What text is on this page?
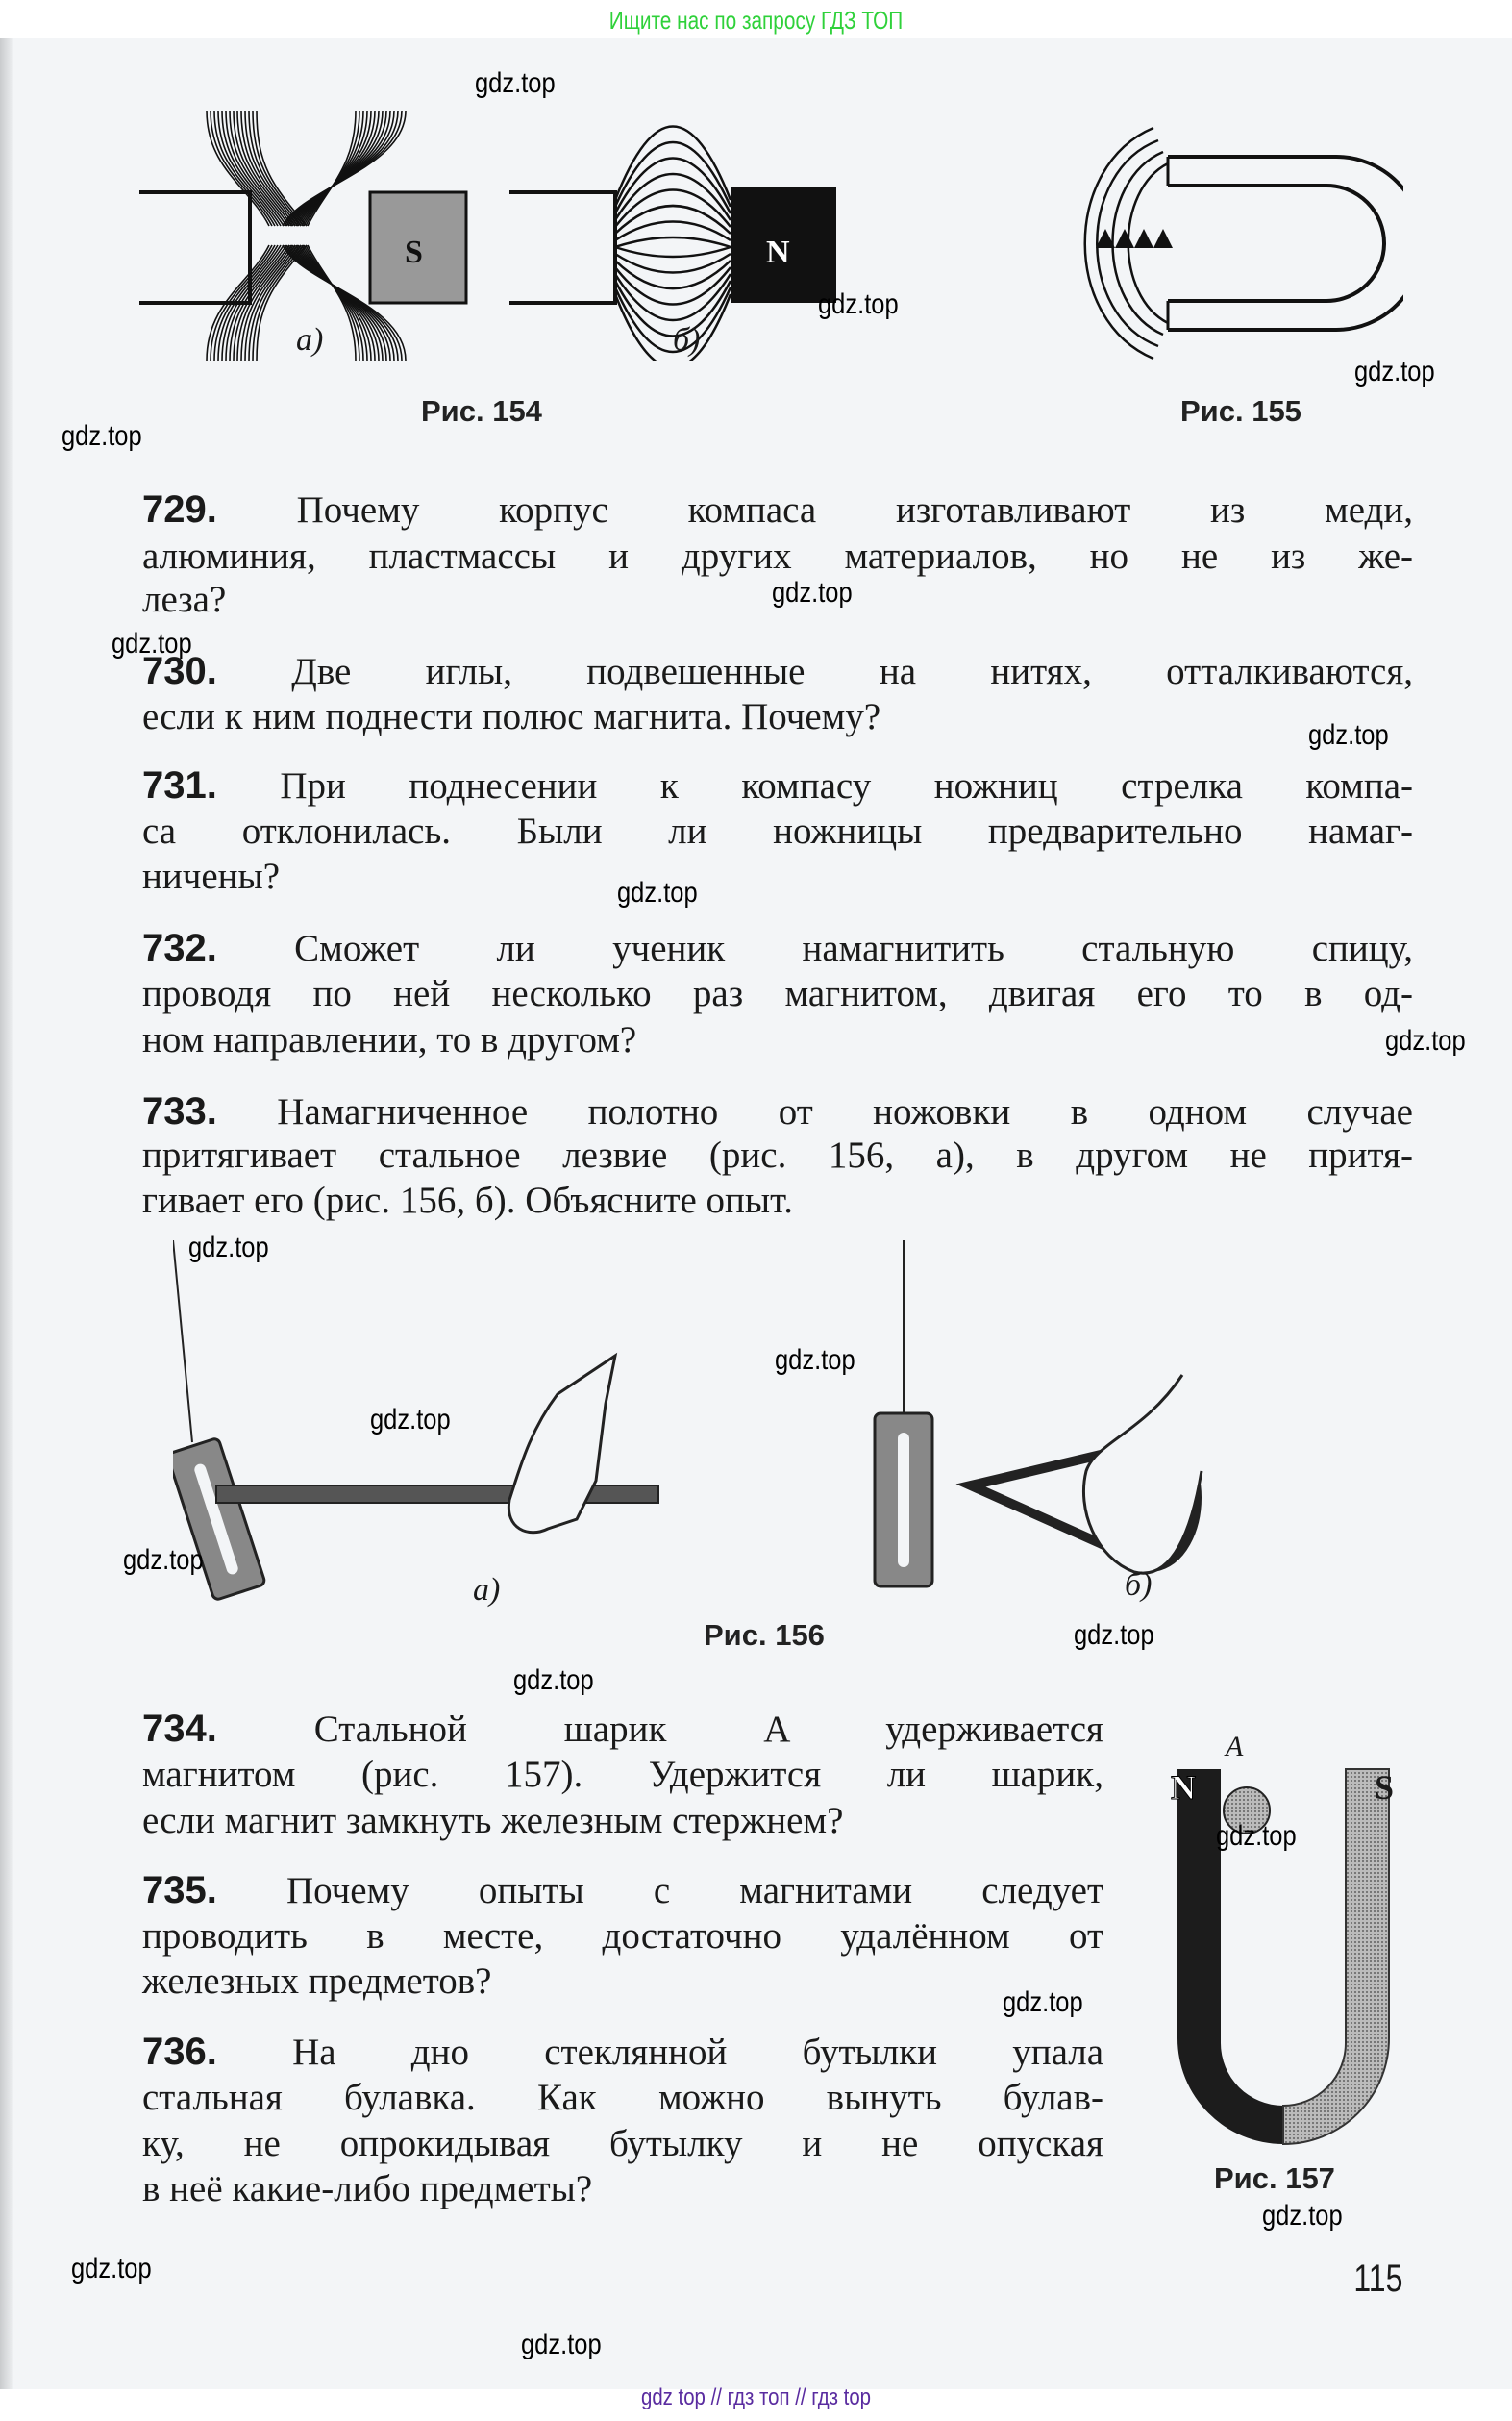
Ищите нас по запросу ГДЗ ТОП
S	N
а)	б)
Рис. 154	Рис. 155
729. Почему корпус компаса изготавливают из меди,
алюминия, пластмассы и других материалов, но не из же-
леза?
730. Две иглы, подвешенные на нитях, отталкиваются,
если к ним поднести полюс магнита. Почему?
731. При поднесении к компасу ножниц стрелка компа-
са отклонилась. Были ли ножницы предварительно намаг-
ничены?
732. Сможет ли ученик намагнитить стальную спицу,
проводя по ней несколько раз магнитом, двигая его то в од-
ном направлении, то в другом?
733. Намагниченное полотно от ножовки в одном случае
притягивает стальное лезвие (рис. 156, а), в другом не притя-
гивает его (рис. 156, б). Объясните опыт.
734.	Стальной шарик A удерживается
магнитом (рис. 157). Удержится ли шарик,
если магнит замкнуть железным стержнем?
735. Почему опыты с магнитами следует
проводить в месте, достаточно удалённом от
железных предметов?
736. На дно стеклянной бутылки упала
стальная булавка. Как можно вынуть булав-
ку, не опрокидывая бутылку и не опуская
в неё какие-либо предметы?
а)	б)
Рис. 156
N	S
A
Рис. 157
115
gdz.top
gdz.top
gdz.top
gdz.top
gdz.top
gdz.top
gdz.top
gdz.top
gdz.top
gdz.top
gdz.top
gdz.top
gdz.top
gdz.top
gdz.top
gdz.top
gdz.top
gdz.top
gdz.top
gdz.top
gdz top // гдз топ // гдз top
